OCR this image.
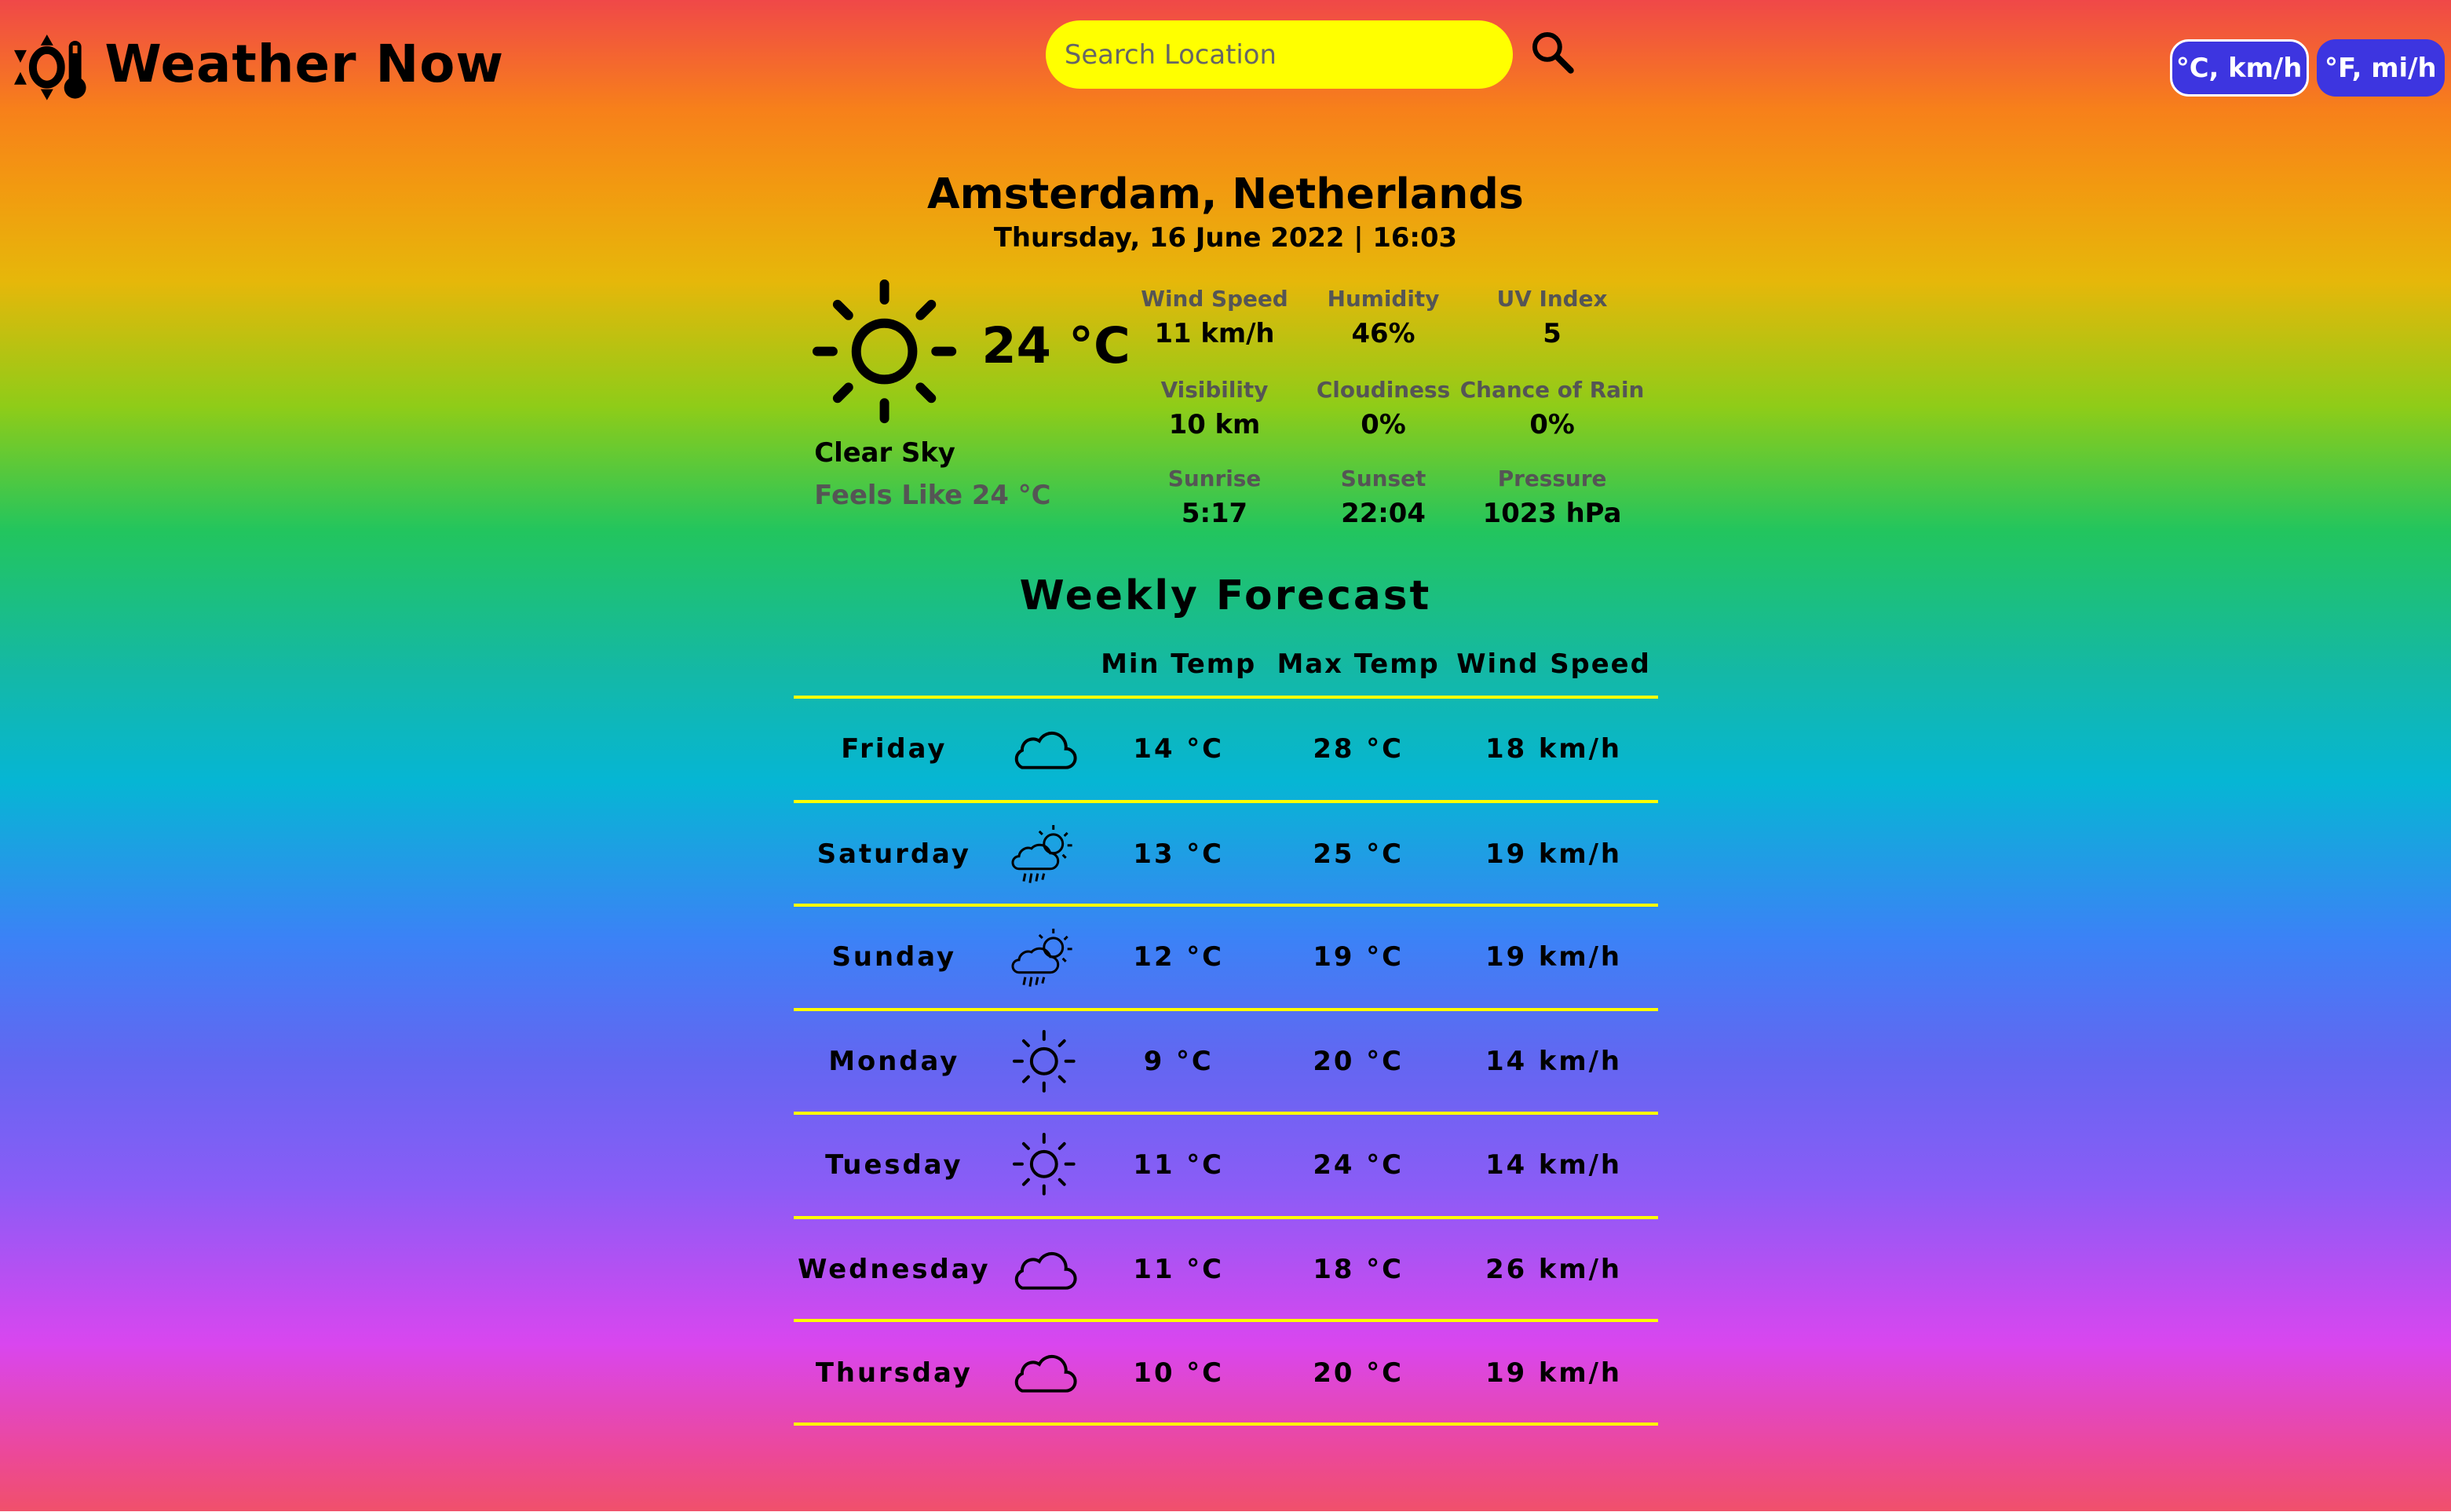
Weather Now
Search Location	°C, km/h	°F, mi/h
Amsterdam, Netherlands
Thursday, 16 June 2022 | 16:03
24 °C
Clear Sky
Feels Like 24 °C
Weekly Forecast
Min Temp	Max Temp	Wind Speed
Wind Speed
11 km/h
Humidity
46%
UV Index
5
Visibility
10 km
Cloudiness
0%
Chance of Rain
0%
Sunrise
5:17
Sunset
22:04
Pressure
1023 hPa
Friday	14 °C	28 °C	18 km/h
Saturday	13 °C	25 °C	19 km/h
Sunday	12 °C	19 °C	19 km/h
Monday	9 °C	20 °C	14 km/h
Tuesday	11 °C	24 °C	14 km/h
Wednesday	11 °C	18 °C	26 km/h
Thursday	10 °C	20 °C	19 km/h
